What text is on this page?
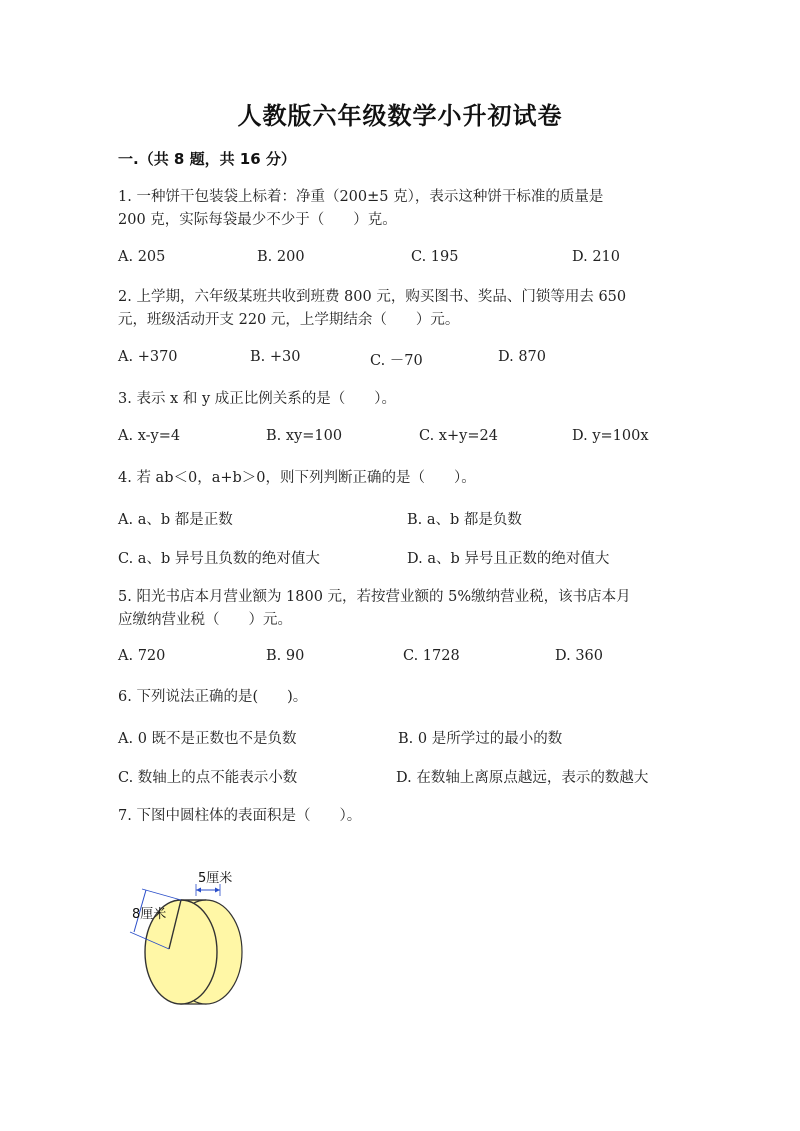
人教版六年级数学小升初试卷
一.（共 8 题，共 16 分）
1. 一种饼干包装袋上标着：净重（200±5 克），表示这种饼干标准的质量是
200 克，实际每袋最少不少于（　　）克。
A. 205	B. 200	C. 195	D. 210
2. 上学期，六年级某班共收到班费 800 元，购买图书、奖品、门锁等用去 650
元，班级活动开支 220 元，上学期结余（　　）元。
A. +370	B. +30	C. －70	D. 870
3. 表示 x 和 y 成正比例关系的是（　　）。
A. x-y=4	B. xy=100	C. x+y=24	D. y=100x
4. 若 ab＜0，a+b＞0，则下列判断正确的是（　　）。
A. a、b 都是正数	B. a、b 都是负数
C. a、b 异号且负数的绝对值大	D. a、b 异号且正数的绝对值大
5. 阳光书店本月营业额为 1800 元，若按营业额的 5%缴纳营业税，该书店本月
应缴纳营业税（　　）元。
A. 720	B. 90	C. 1728	D. 360
6. 下列说法正确的是(　　)。
A. 0 既不是正数也不是负数	B. 0 是所学过的最小的数
C. 数轴上的点不能表示小数	D. 在数轴上离原点越远，表示的数越大
7. 下图中圆柱体的表面积是（　　）。
5厘米
8厘米
